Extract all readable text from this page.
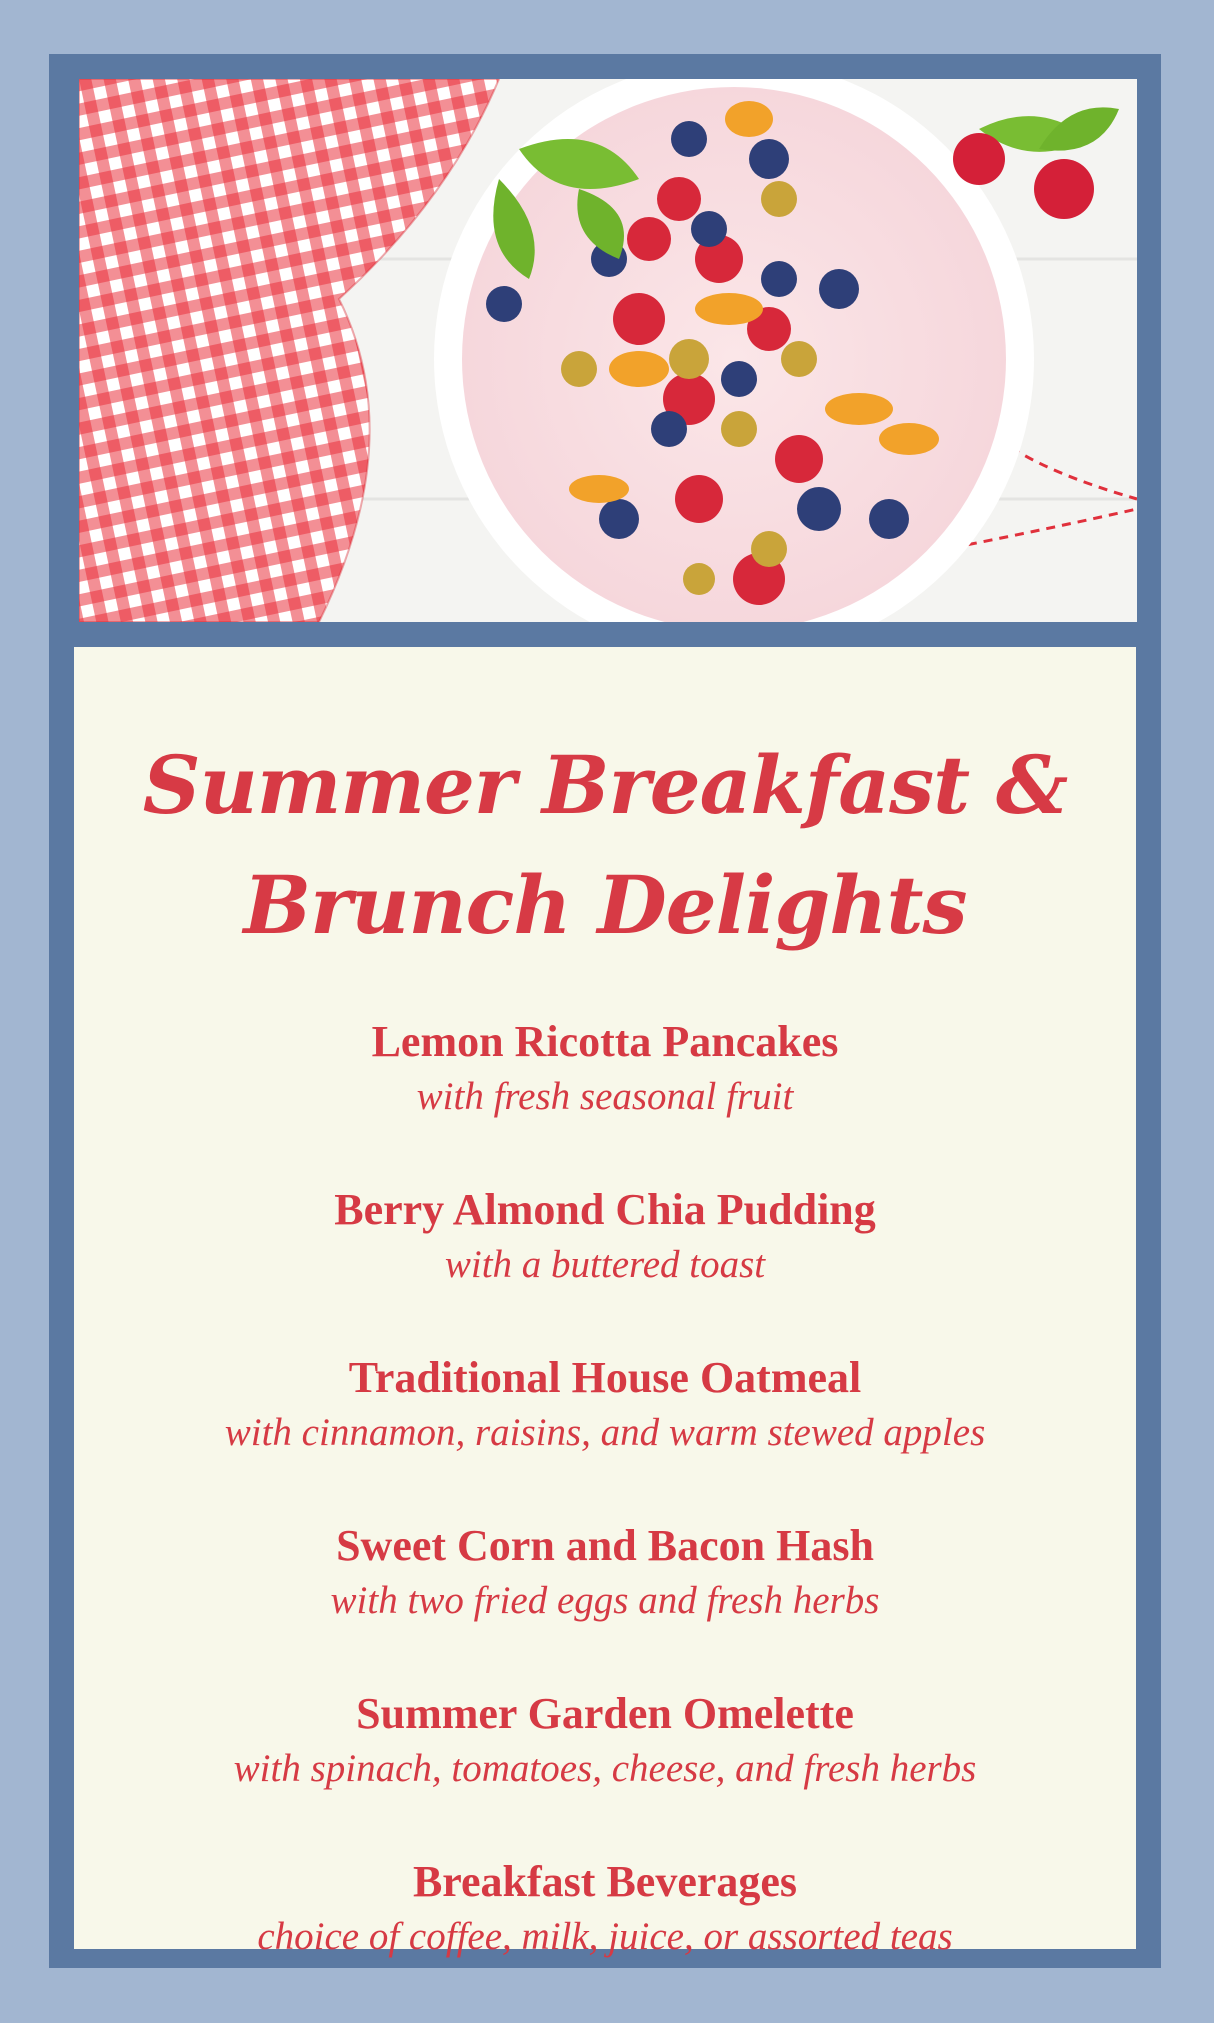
Summer Breakfast &
Brunch Delights
Lemon Ricotta Pancakes
with fresh seasonal fruit
Berry Almond Chia Pudding
with a buttered toast
Traditional House Oatmeal
with cinnamon, raisins, and warm stewed apples
Sweet Corn and Bacon Hash
with two fried eggs and fresh herbs
Summer Garden Omelette
with spinach, tomatoes, cheese, and fresh herbs
Breakfast Beverages
choice of coffee, milk, juice, or assorted teas
